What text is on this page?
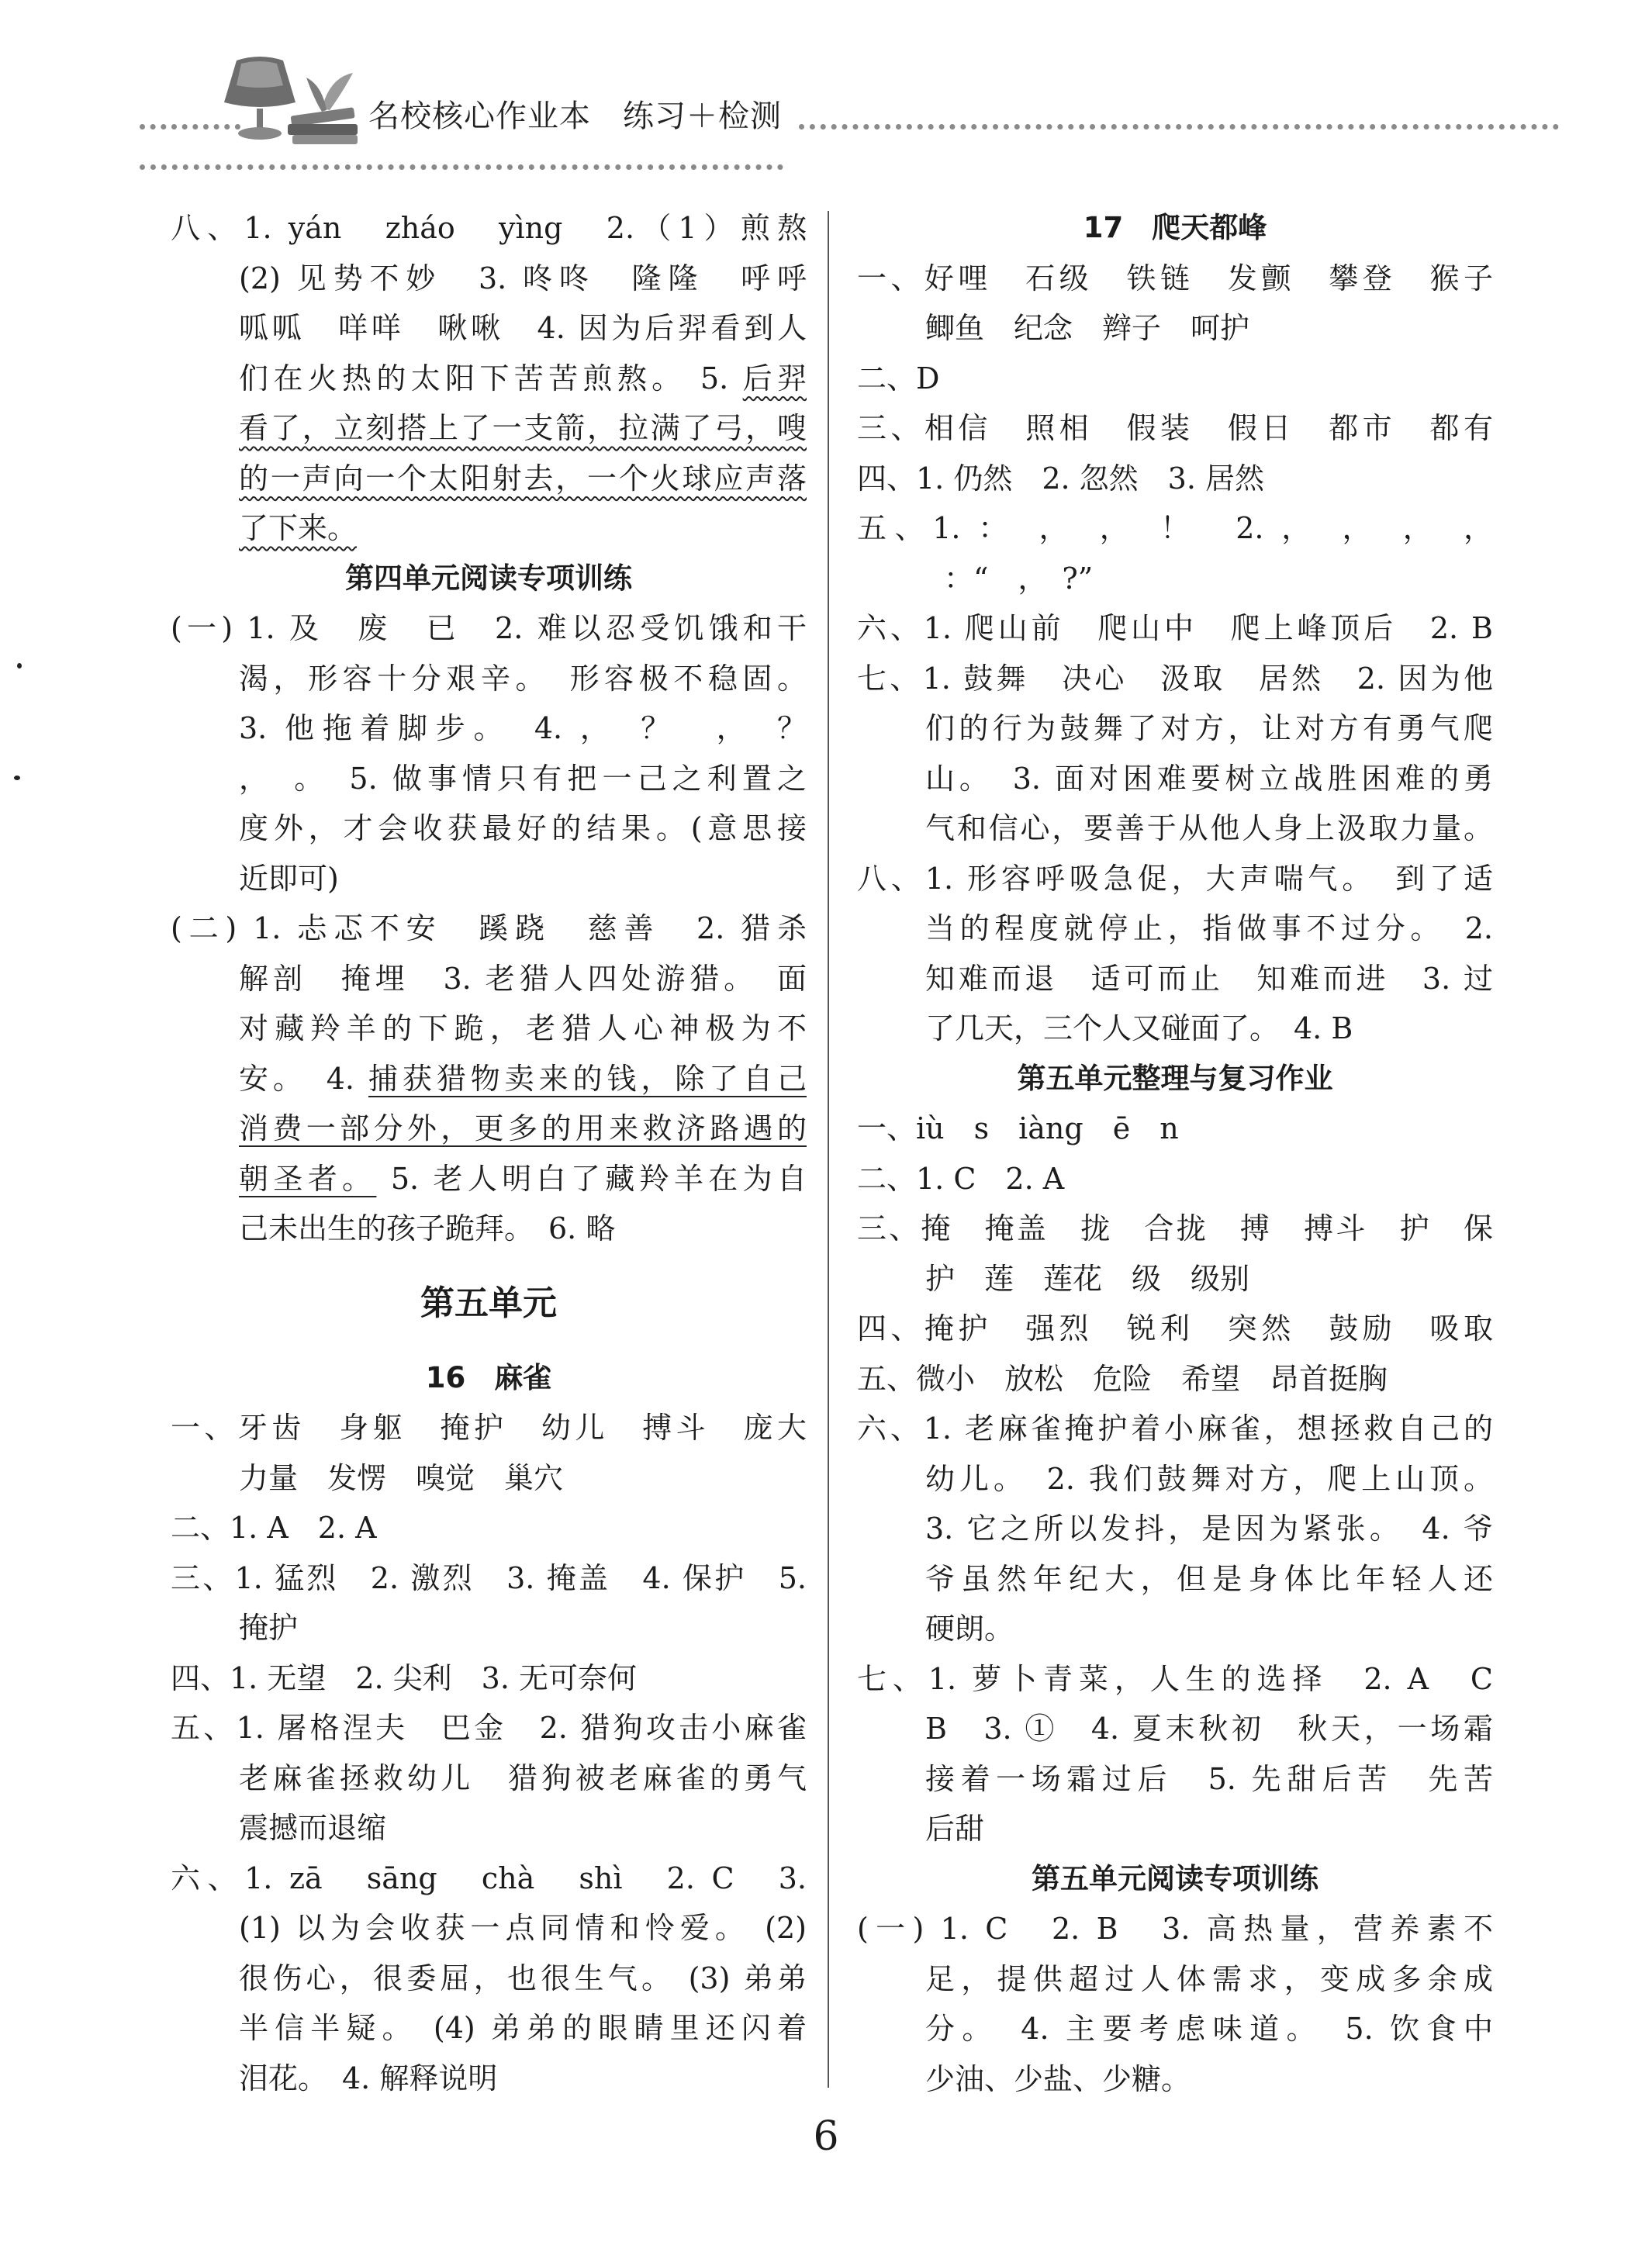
名校核心作业本　练习＋检测
八、1. yán　zháo　yìng　2.（1）煎熬
(2) 见势不妙　3. 咚咚　隆隆　呼呼
呱呱　咩咩　啾啾　4. 因为后羿看到人
们在火热的太阳下苦苦煎熬。 5. 后羿
看了，立刻搭上了一支箭，拉满了弓，嗖
的一声向一个太阳射去，一个火球应声落
了下来。
第四单元阅读专项训练
(一) 1. 及　废　已　2. 难以忍受饥饿和干
渴，形容十分艰辛。　形容极不稳固。
3. 他拖着脚步。　4. ，　？　，　？
，　。　5. 做事情只有把一己之利置之
度外，才会收获最好的结果。(意思接
近即可)
(二) 1. 忐忑不安　蹊跷　慈善　2. 猎杀
解剖　掩埋　3. 老猎人四处游猎。　面
对藏羚羊的下跪，老猎人心神极为不
安。　4. 捕获猎物卖来的钱，除了自己
消费一部分外，更多的用来救济路遇的
朝圣者。 5. 老人明白了藏羚羊在为自
己未出生的孩子跪拜。　6. 略
第五单元
16　麻雀
一、牙齿　身躯　掩护　幼儿　搏斗　庞大
力量　发愣　嗅觉　巢穴
二、1. A　2. A
三、1. 猛烈　2. 激烈　3. 掩盖　4. 保护　5.
掩护
四、1. 无望　2. 尖利　3. 无可奈何
五、1. 屠格涅夫　巴金　2. 猎狗攻击小麻雀
老麻雀拯救幼儿　猎狗被老麻雀的勇气
震撼而退缩
六、1. zā　sāng　chà　shì　2. C　3.
(1) 以为会收获一点同情和怜爱。 (2)
很伤心，很委屈，也很生气。 (3) 弟弟
半信半疑。 (4) 弟弟的眼睛里还闪着
泪花。　4. 解释说明
17　爬天都峰
一、好哩　石级　铁链　发颤　攀登　猴子
鲫鱼　纪念　辫子　呵护
二、D
三、相信　照相　假装　假日　都市　都有
四、1. 仍然　2. 忽然　3. 居然
五、1. ：　，　，　！　2. ，　，　，　，
：“　，　?”
六、1. 爬山前　爬山中　爬上峰顶后　2. B
七、1. 鼓舞　决心　汲取　居然　2. 因为他
们的行为鼓舞了对方，让对方有勇气爬
山。　3. 面对困难要树立战胜困难的勇
气和信心，要善于从他人身上汲取力量。
八、1. 形容呼吸急促，大声喘气。　到了适
当的程度就停止，指做事不过分。　2.
知难而退　适可而止　知难而进　3. 过
了几天，三个人又碰面了。　4. B
第五单元整理与复习作业
一、iù　s　iàng　ē　n
二、1. C　2. A
三、掩　掩盖　拢　合拢　搏　搏斗　护　保
护　莲　莲花　级　级别
四、掩护　强烈　锐利　突然　鼓励　吸取
五、微小　放松　危险　希望　昂首挺胸
六、1. 老麻雀掩护着小麻雀，想拯救自己的
幼儿。　2. 我们鼓舞对方，爬上山顶。
3. 它之所以发抖，是因为紧张。　4. 爷
爷虽然年纪大，但是身体比年轻人还
硬朗。
七、1. 萝卜青菜，人生的选择　2. A　C
B　3. ①　4. 夏末秋初　秋天，一场霜
接着一场霜过后　5. 先甜后苦　先苦
后甜
第五单元阅读专项训练
(一) 1. C　2. B　3. 高热量，营养素不
足，提供超过人体需求，变成多余成
分。　4. 主要考虑味道。　5. 饮食中
少油、少盐、少糖。
6
